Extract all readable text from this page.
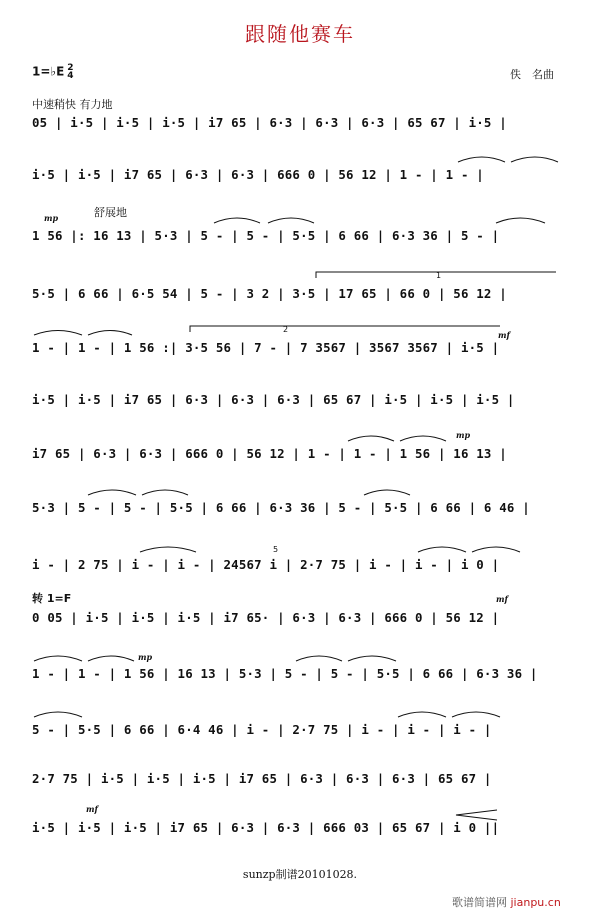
跟随他赛车
1=♭E 2
4	佚　名曲
中速稍快 有力地
舒展地
转 1=F
05 | i·5 | i·5 | i·5 | i7 65 | 6·3 | 6·3 | 6·3 | 65 67 | i·5 |
i·5 | i·5 | i7 65 | 6·3 | 6·3 | 666 0 | 56 12 | 1 - | 1 - |
1 56 |: 16 13 | 5·3 | 5 - | 5 - | 5·5 | 6 66 | 6·3 36 | 5 - |
5·5 | 6 66 | 6·5 54 | 5 - | 3 2 | 3·5 | 17 65 | 66 0 | 56 12 |
1 - | 1 - | 1 56 :| 3·5 56 | 7 - | 7 3567 | 3567 3567 | i·5 |
i·5 | i·5 | i7 65 | 6·3 | 6·3 | 6·3 | 65 67 | i·5 | i·5 | i·5 |
i7 65 | 6·3 | 6·3 | 666 0 | 56 12 | 1 - | 1 - | 1 56 | 16 13 |
5·3 | 5 - | 5 - | 5·5 | 6 66 | 6·3 36 | 5 - | 5·5 | 6 66 | 6 46 |
i - | 2 75 | i - | i - | 24567 i | 2·7 75 | i - | i - | i 0 |
0 05 | i·5 | i·5 | i·5 | i7 65· | 6·3 | 6·3 | 666 0 | 56 12 |
1 - | 1 - | 1 56 | 16 13 | 5·3 | 5 - | 5 - | 5·5 | 6 66 | 6·3 36 |
5 - | 5·5 | 6 66 | 6·4 46 | i - | 2·7 75 | i - | i - | i - |
2·7 75 | i·5 | i·5 | i·5 | i7 65 | 6·3 | 6·3 | 6·3 | 65 67 |
i·5 | i·5 | i·5 | i7 65 | 6·3 | 6·3 | 666 03 | 65 67 | i 0 ||
mp
mp
mf
mp
mf
mf
1
2
5
sunzp制谱20101028.
歌谱简谱网 jianpu.cn
